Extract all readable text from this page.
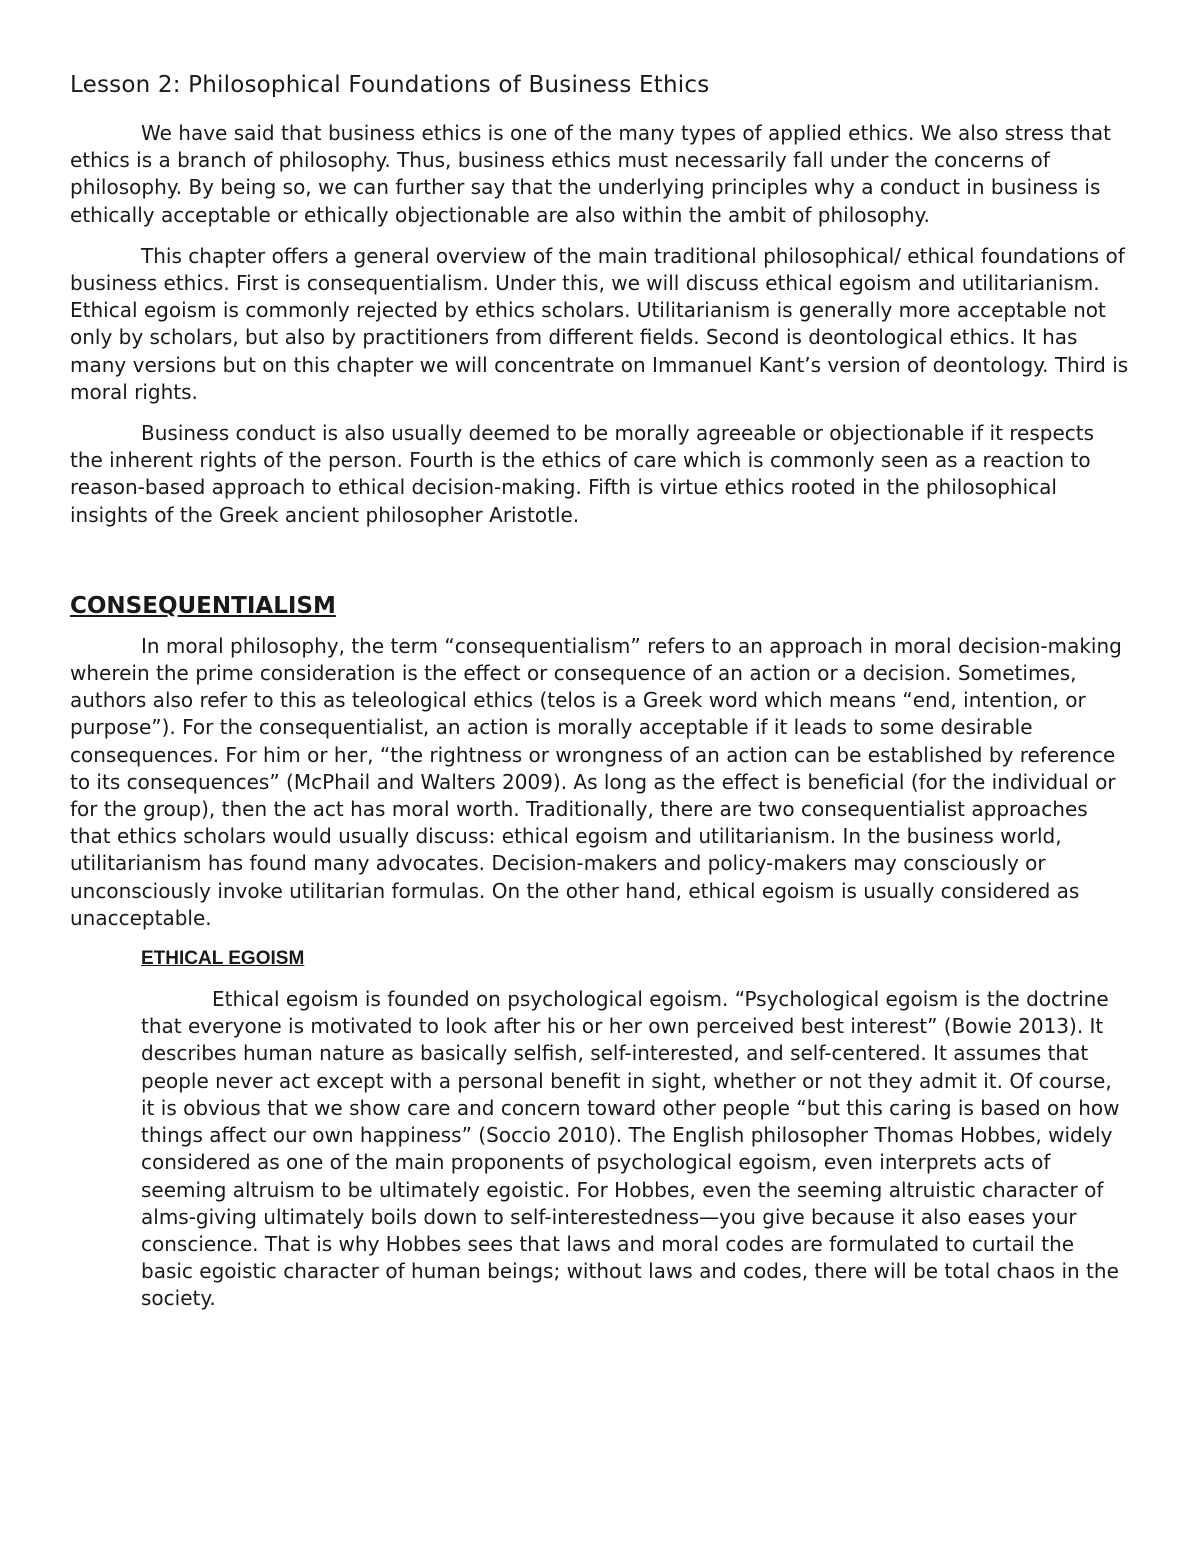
Lesson 2: Philosophical Foundations of Business Ethics

We have said that business ethics is one of the many types of applied ethics. We also stress that ethics is a branch of philosophy. Thus, business ethics must necessarily fall under the concerns of philosophy. By being so, we can further say that the underlying principles why a conduct in business is ethically acceptable or ethically objectionable are also within the ambit of philosophy.

This chapter offers a general overview of the main traditional philosophical/ ethical foundations of business ethics. First is consequentialism. Under this, we will discuss ethical egoism and utilitarianism. Ethical egoism is commonly rejected by ethics scholars. Utilitarianism is generally more acceptable not only by scholars, but also by practitioners from different fields. Second is deontological ethics. It has many versions but on this chapter we will concentrate on Immanuel Kant’s version of deontology. Third is moral rights.

Business conduct is also usually deemed to be morally agreeable or objectionable if it respects the inherent rights of the person. Fourth is the ethics of care which is commonly seen as a reaction to reason-based approach to ethical decision-making. Fifth is virtue ethics rooted in the philosophical insights of the Greek ancient philosopher Aristotle.

CONSEQUENTIALISM

In moral philosophy, the term “consequentialism” refers to an approach in moral decision-making wherein the prime consideration is the effect or consequence of an action or a decision. Sometimes, authors also refer to this as teleological ethics (telos is a Greek word which means “end, intention, or purpose”). For the consequentialist, an action is morally acceptable if it leads to some desirable consequences. For him or her, “the rightness or wrongness of an action can be established by reference to its consequences” (McPhail and Walters 2009). As long as the effect is beneficial (for the individual or for the group), then the act has moral worth. Traditionally, there are two consequentialist approaches that ethics scholars would usually discuss: ethical egoism and utilitarianism. In the business world, utilitarianism has found many advocates. Decision-makers and policy-makers may consciously or unconsciously invoke utilitarian formulas. On the other hand, ethical egoism is usually considered as unacceptable.

ETHICAL EGOISM

Ethical egoism is founded on psychological egoism. “Psychological egoism is the doctrine that everyone is motivated to look after his or her own perceived best interest” (Bowie 2013). It describes human nature as basically selfish, self-interested, and self-centered. It assumes that people never act except with a personal benefit in sight, whether or not they admit it. Of course, it is obvious that we show care and concern toward other people “but this caring is based on how things affect our own happiness” (Soccio 2010). The English philosopher Thomas Hobbes, widely considered as one of the main proponents of psychological egoism, even interprets acts of seeming altruism to be ultimately egoistic. For Hobbes, even the seeming altruistic character of alms-giving ultimately boils down to self-interestedness—you give because it also eases your conscience. That is why Hobbes sees that laws and moral codes are formulated to curtail the basic egoistic character of human beings; without laws and codes, there will be total chaos in the society.
